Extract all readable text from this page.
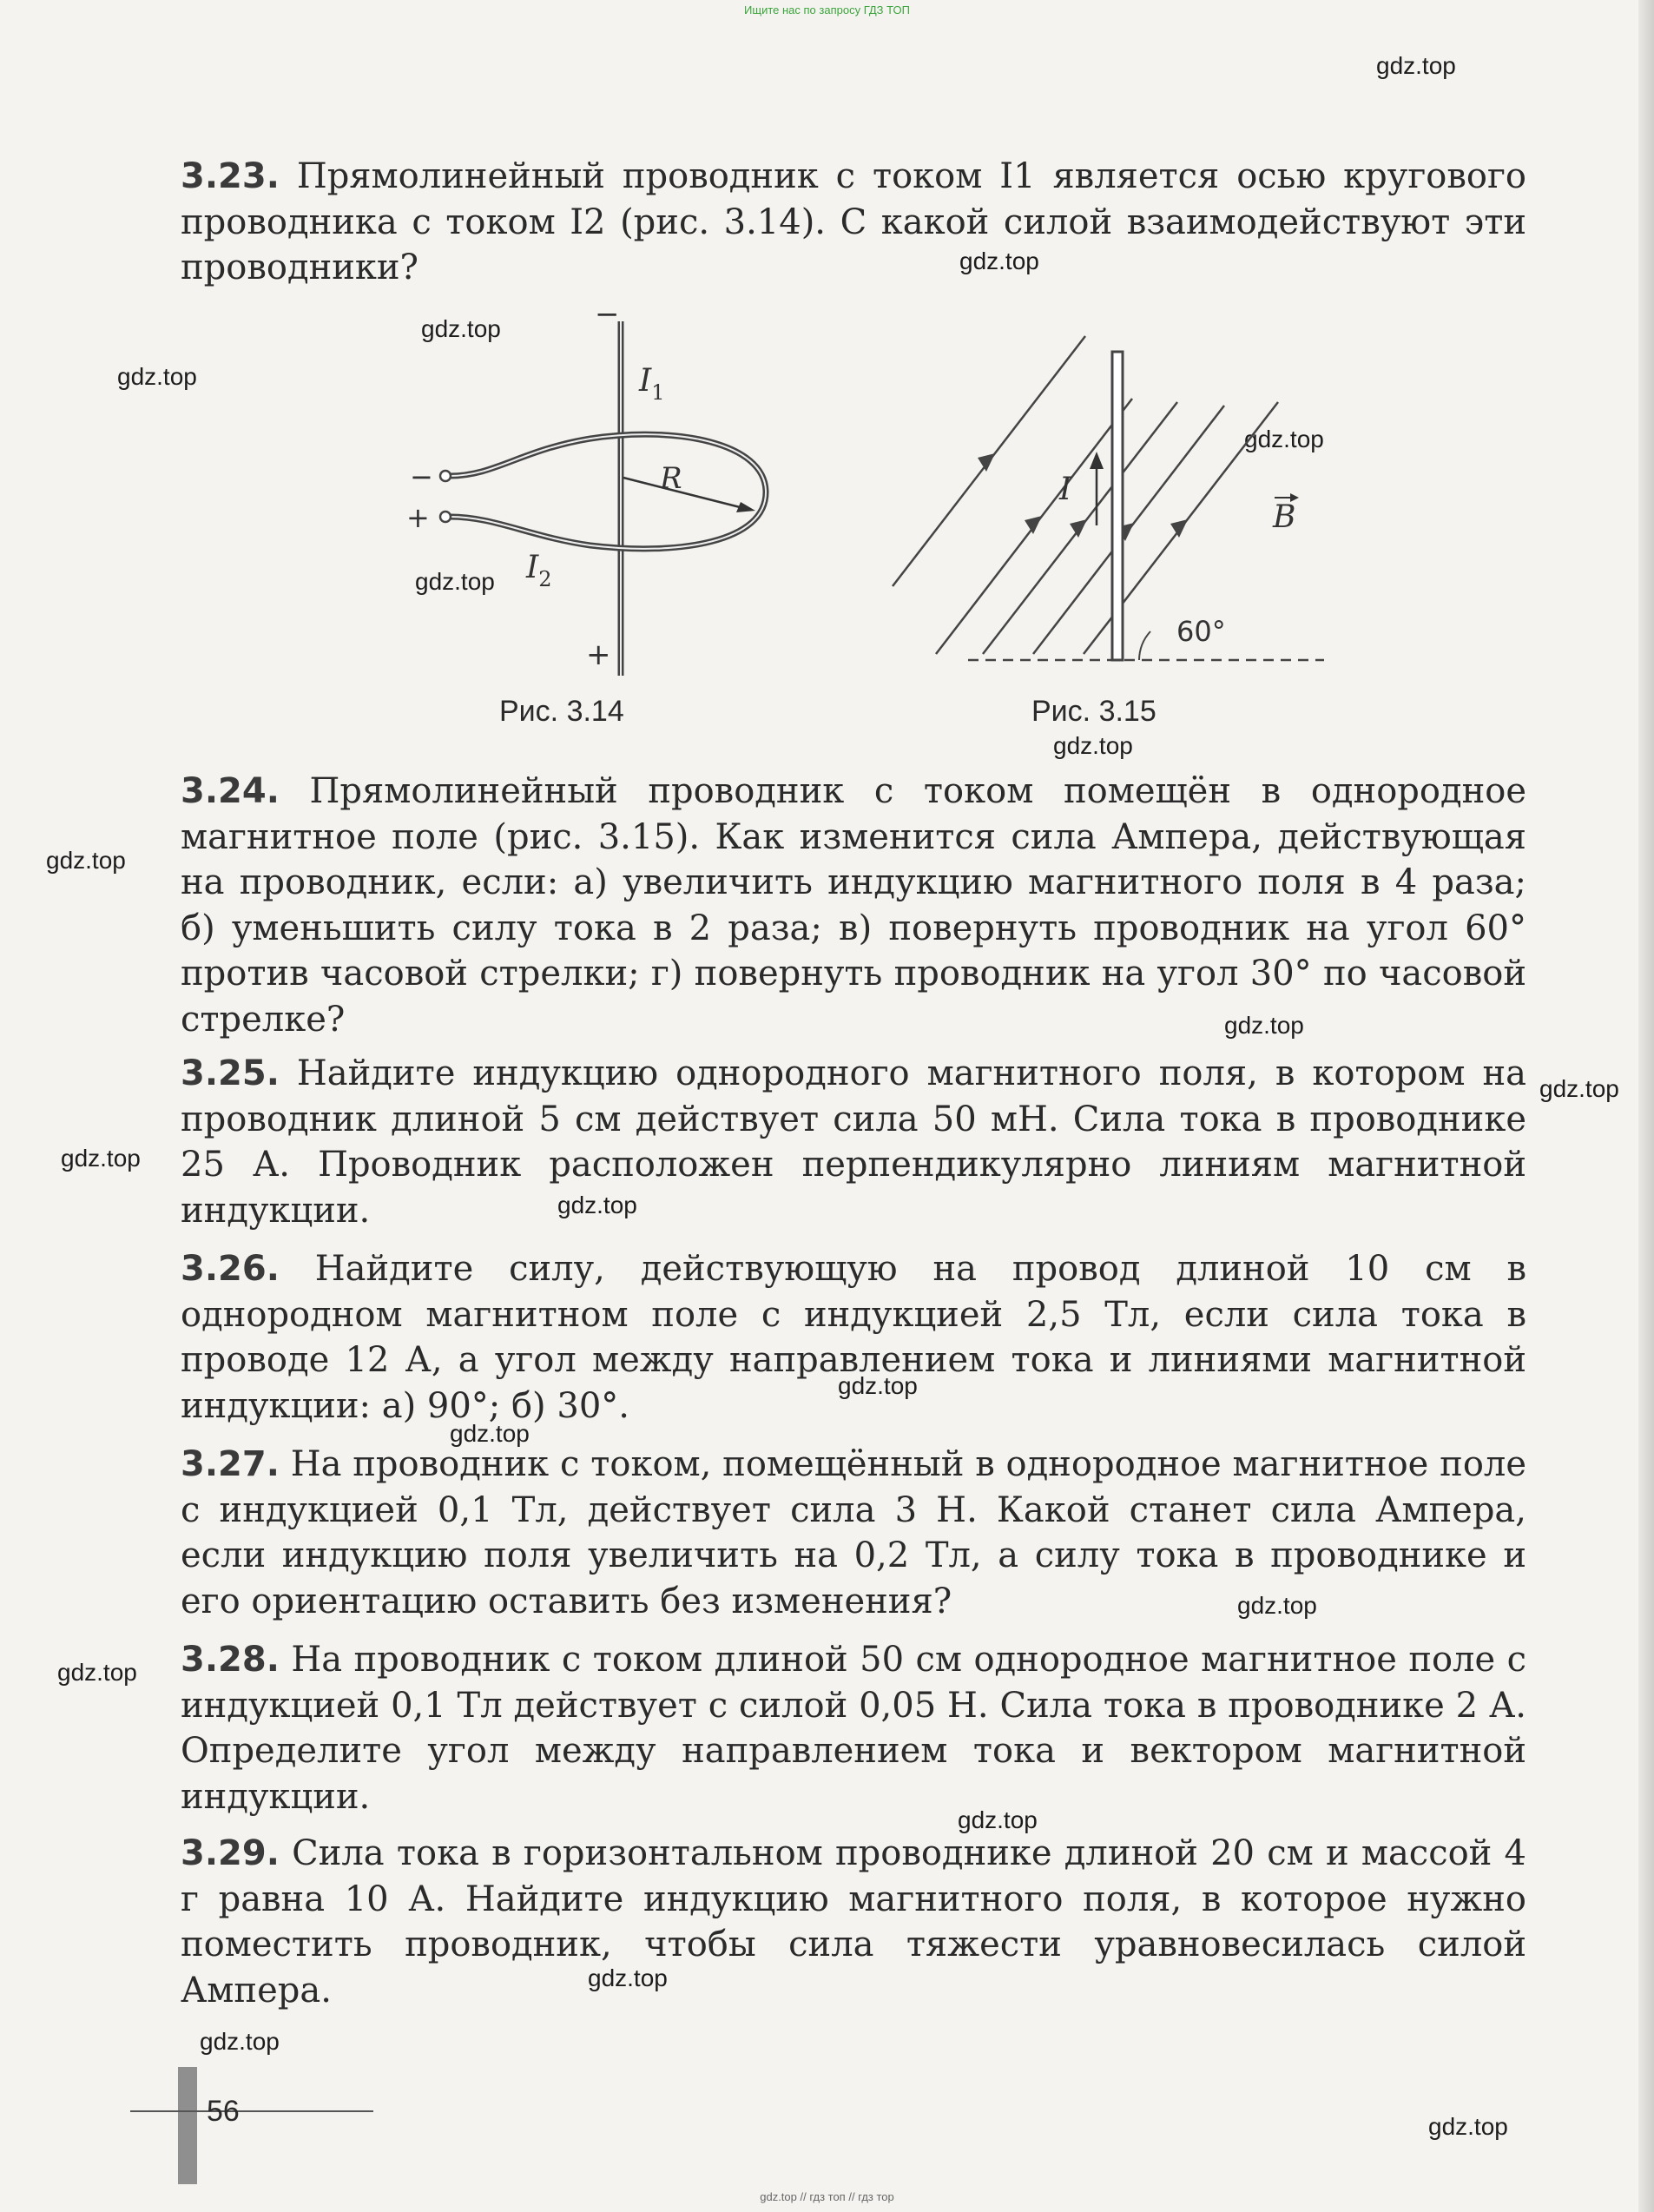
Ищите нас по запросу ГДЗ ТОП
gdz.top
gdz.top
gdz.top
gdz.top
gdz.top
gdz.top
gdz.top
gdz.top
gdz.top
gdz.top
gdz.top
gdz.top
gdz.top
gdz.top
gdz.top
gdz.top
gdz.top
gdz.top
gdz.top
gdz.top

3.23. Прямолинейный проводник с током I1 является осью кругового проводника с током I2 (рис. 3.14). С какой силой взаимодействуют эти проводники?

−
+
−
+
R
$I_1$
$I_2$
Рис. 3.14
I
B
60°
Рис. 3.15

3.24. Прямолинейный проводник с током помещён в однородное магнитное поле (рис. 3.15). Как изменится сила Ампера, действующая на проводник, если: а) увеличить индукцию магнитного поля в 4 раза; б) уменьшить силу тока в 2 раза; в) повернуть проводник на угол 60° против часовой стрелки; г) повернуть проводник на угол 30° по часовой стрелке?

3.25. Найдите индукцию однородного магнитного поля, в котором на проводник длиной 5 см действует сила 50 мН. Сила тока в проводнике 25 А. Проводник расположен перпендикулярно линиям магнитной индукции.

3.26. Найдите силу, действующую на провод длиной 10 см в однородном магнитном поле с индукцией 2,5 Тл, если сила тока в проводе 12 А, а угол между направлением тока и линиями магнитной индукции: а) 90°; б) 30°.

3.27. На проводник с током, помещённый в однородное магнитное поле с индукцией 0,1 Тл, действует сила 3 Н. Какой станет сила Ампера, если индукцию поля увеличить на 0,2 Тл, а силу тока в проводнике и его ориентацию оставить без изменения?

3.28. На проводник с током длиной 50 см однородное магнитное поле с индукцией 0,1 Тл действует с силой 0,05 Н. Сила тока в проводнике 2 А. Определите угол между направлением тока и вектором магнитной индукции.

3.29. Сила тока в горизонтальном проводнике длиной 20 см и массой 4 г равна 10 А. Найдите индукцию магнитного поля, в которое нужно поместить проводник, чтобы сила тяжести уравновесилась силой Ампера.

56
gdz.top // гдз топ // гдз тор
